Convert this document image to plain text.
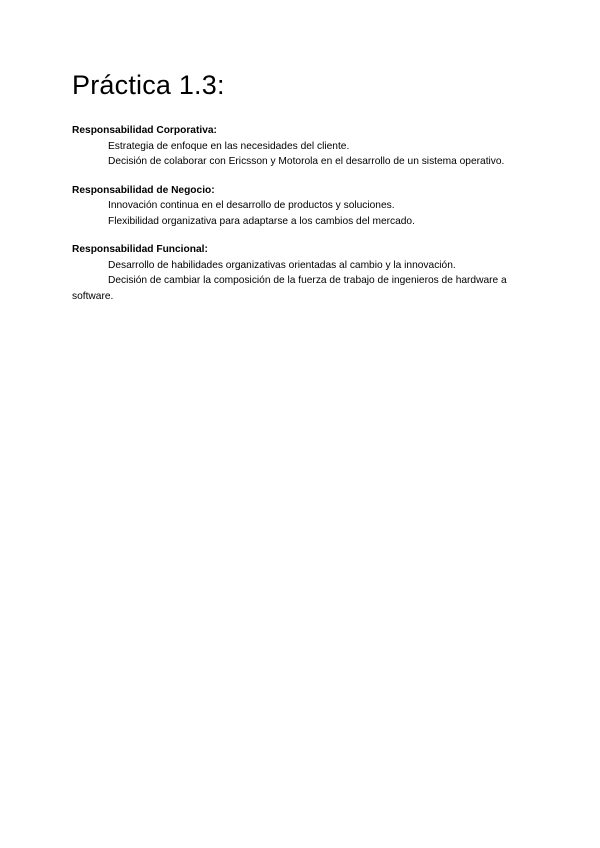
Práctica 1.3:

Responsabilidad Corporativa:

Estrategia de enfoque en las necesidades del cliente.

Decisión de colaborar con Ericsson y Motorola en el desarrollo de un sistema operativo.

Responsabilidad de Negocio:

Innovación continua en el desarrollo de productos y soluciones.

Flexibilidad organizativa para adaptarse a los cambios del mercado.

Responsabilidad Funcional:

Desarrollo de habilidades organizativas orientadas al cambio y la innovación.

Decisión de cambiar la composición de la fuerza de trabajo de ingenieros de hardware a software.
